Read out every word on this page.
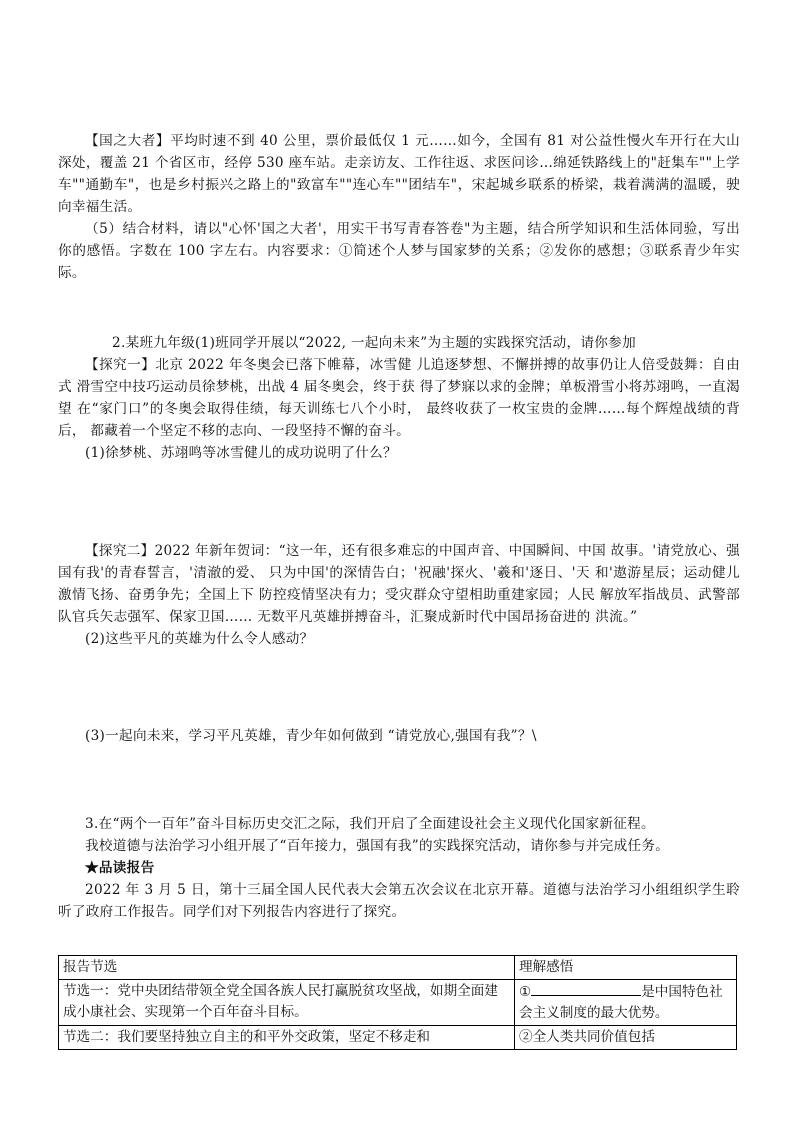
【国之大者】平均时速不到 40 公里，票价最低仅 1 元……如今，全国有 81 对公益性慢火车开行在大山深处，覆盖 21 个省区市，经停 530 座车站。走亲访友、工作往返、求医问诊…绵延铁路线上的"赶集车""上学车""通勤车"，也是乡村振兴之路上的"致富车""连心车""团结车"，宋起城乡联系的桥梁，栽着满满的温暖，驶向幸福生活。

（5）结合材料，请以"心怀'国之大者'，用实干书写青春答卷"为主题，结合所学知识和生活体同验，写出你的感悟。字数在 100 字左右。内容要求：①简述个人梦与国家梦的关系；②发你的感想；③联系青少年实际。

2.某班九年级(1)班同学开展以“2022, 一起向未来”为主题的实践探究活动，请你参加

【探究一】北京 2022 年冬奥会已落下帷幕，冰雪健 儿追逐梦想、不懈拼搏的故事仍让人倍受鼓舞：自由式 滑雪空中技巧运动员徐梦桃，出战 4 届冬奥会，终于获 得了梦寐以求的金牌；单板滑雪小将苏翊鸣，一直渴望 在“家门口”的冬奥会取得佳绩，每天训练七八个小时， 最终收获了一枚宝贵的金牌……每个辉煌战绩的背后， 都藏着一个坚定不移的志向、一段坚持不懈的奋斗。

(1)徐梦桃、苏翊鸣等冰雪健儿的成功说明了什么？

【探究二】2022 年新年贺词：“这一年，还有很多难忘的中国声音、中国瞬间、中国 故事。'请党放心、强国有我'的青春誓言，'清澈的爱、 只为中国'的深情告白；'祝融'探火、'羲和'逐日、'天 和'遨游星辰；运动健儿激情飞扬、奋勇争先；全国上下 防控疫情坚决有力；受灾群众守望相助重建家园；人民 解放军指战员、武警部队官兵矢志强军、保家卫国…… 无数平凡英雄拼搏奋斗，汇聚成新时代中国昂扬奋进的 洪流。”

(2)这些平凡的英雄为什么令人感动？

(3)一起向未来，学习平凡英雄，青少年如何做到 “请党放心,强国有我”？\

3.在“两个一百年”奋斗目标历史交汇之际，我们开启了全面建设社会主义现代化国家新征程。

我校道德与法治学习小组开展了“百年接力，强国有我”的实践探究活动，请你参与并完成任务。

★品读报告

2022 年 3 月 5 日，第十三届全国人民代表大会第五次会议在北京开幕。道德与法治学习小组组织学生聆听了政府工作报告。同学们对下列报告内容进行了探究。

报告节选	理解感悟
节选一：党中央团结带领全党全国各族人民打赢脱贫攻坚战，如期全面建成小康社会、实现第一个百年奋斗目标。	① 是中国特色社会主义制度的最大优势。
节选二：我们要坚持独立自主的和平外交政策，坚定不移走和	②全人类共同价值包括
